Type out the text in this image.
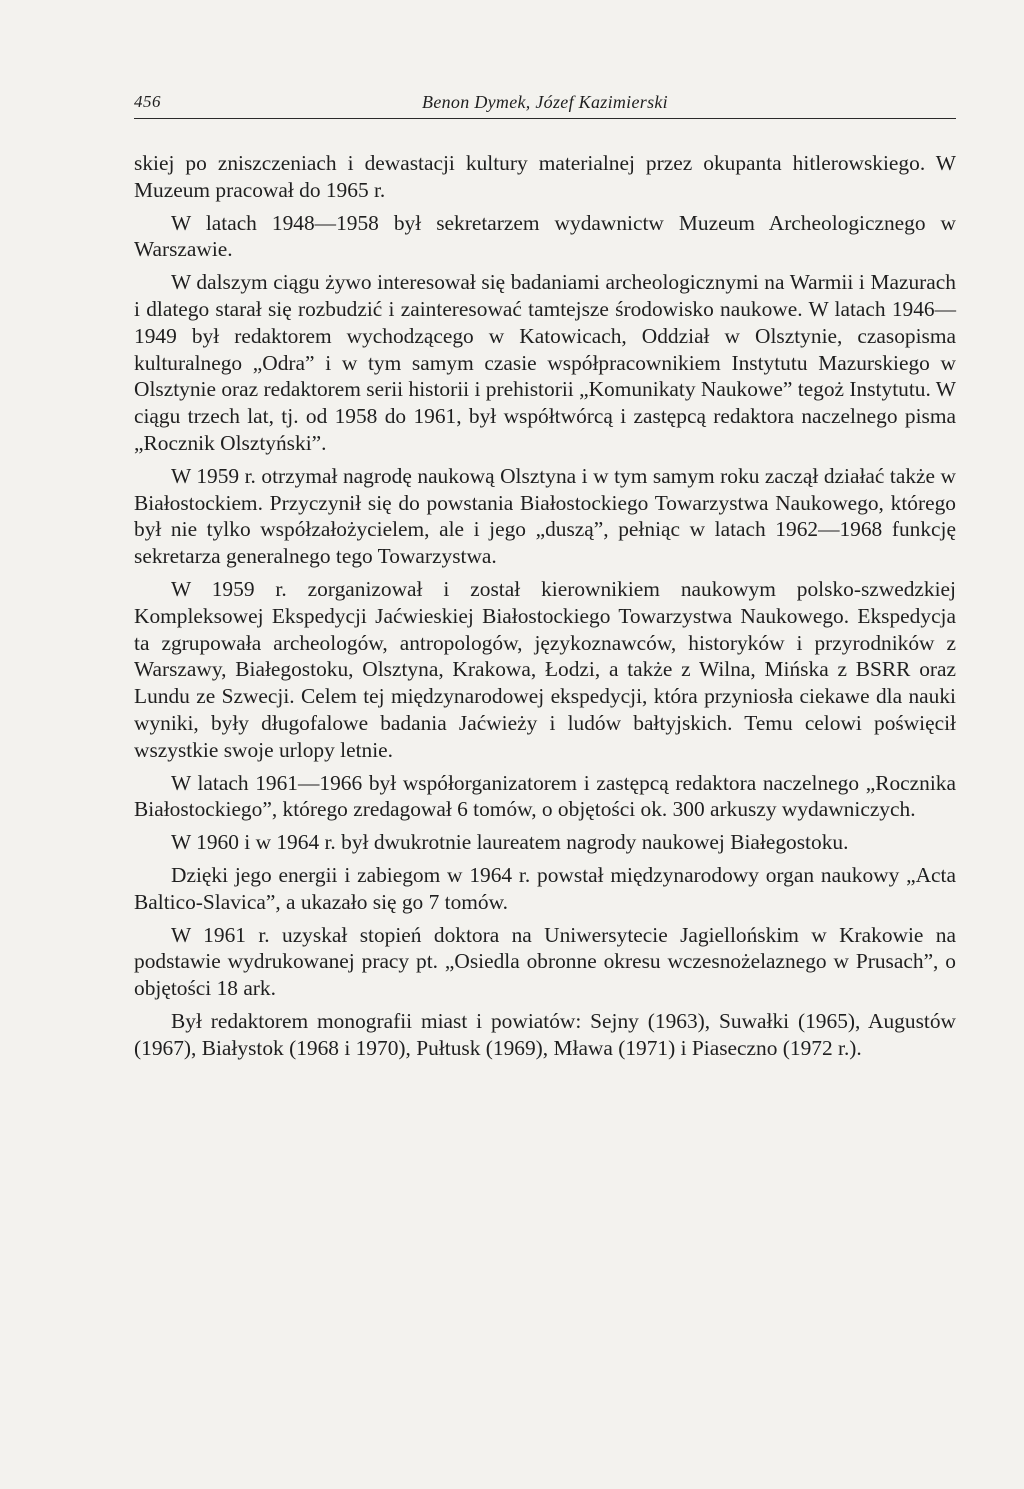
456	Benon Dymek, Józef Kazimierski

skiej po zniszczeniach i dewastacji kultury materialnej przez okupanta hitlerowskiego. W Muzeum pracował do 1965 r.

W latach 1948—1958 był sekretarzem wydawnictw Muzeum Archeologicznego w Warszawie.

W dalszym ciągu żywo interesował się badaniami archeologicznymi na Warmii i Mazurach i dlatego starał się rozbudzić i zainteresować tamtejsze środowisko naukowe. W latach 1946—1949 był redaktorem wychodzącego w Katowicach, Oddział w Olsztynie, czasopisma kulturalnego „Odra” i w tym samym czasie współpracownikiem Instytutu Mazurskiego w Olsztynie oraz redaktorem serii historii i prehistorii „Komunikaty Naukowe” tegoż Instytutu. W ciągu trzech lat, tj. od 1958 do 1961, był współtwórcą i zastępcą redaktora naczelnego pisma „Rocznik Olsztyński”.

W 1959 r. otrzymał nagrodę naukową Olsztyna i w tym samym roku zaczął działać także w Białostockiem. Przyczynił się do powstania Białostockiego Towarzystwa Naukowego, którego był nie tylko współzałożycielem, ale i jego „duszą”, pełniąc w latach 1962—1968 funkcję sekretarza generalnego tego Towarzystwa.

W 1959 r. zorganizował i został kierownikiem naukowym polsko-szwedzkiej Kompleksowej Ekspedycji Jaćwieskiej Białostockiego Towarzystwa Naukowego. Ekspedycja ta zgrupowała archeologów, antropologów, językoznawców, historyków i przyrodników z Warszawy, Białegostoku, Olsztyna, Krakowa, Łodzi, a także z Wilna, Mińska z BSRR oraz Lundu ze Szwecji. Celem tej międzynarodowej ekspedycji, która przyniosła ciekawe dla nauki wyniki, były długofalowe badania Jaćwieży i ludów bałtyjskich. Temu celowi poświęcił wszystkie swoje urlopy letnie.

W latach 1961—1966 był współorganizatorem i zastępcą redaktora naczelnego „Rocznika Białostockiego”, którego zredagował 6 tomów, o objętości ok. 300 arkuszy wydawniczych.

W 1960 i w 1964 r. był dwukrotnie laureatem nagrody naukowej Białegostoku.

Dzięki jego energii i zabiegom w 1964 r. powstał międzynarodowy organ naukowy „Acta Baltico-Slavica”, a ukazało się go 7 tomów.

W 1961 r. uzyskał stopień doktora na Uniwersytecie Jagiellońskim w Krakowie na podstawie wydrukowanej pracy pt. „Osiedla obronne okresu wczesnożelaznego w Prusach”, o objętości 18 ark.

Był redaktorem monografii miast i powiatów: Sejny (1963), Suwałki (1965), Augustów (1967), Białystok (1968 i 1970), Pułtusk (1969), Mława (1971) i Piaseczno (1972 r.).
